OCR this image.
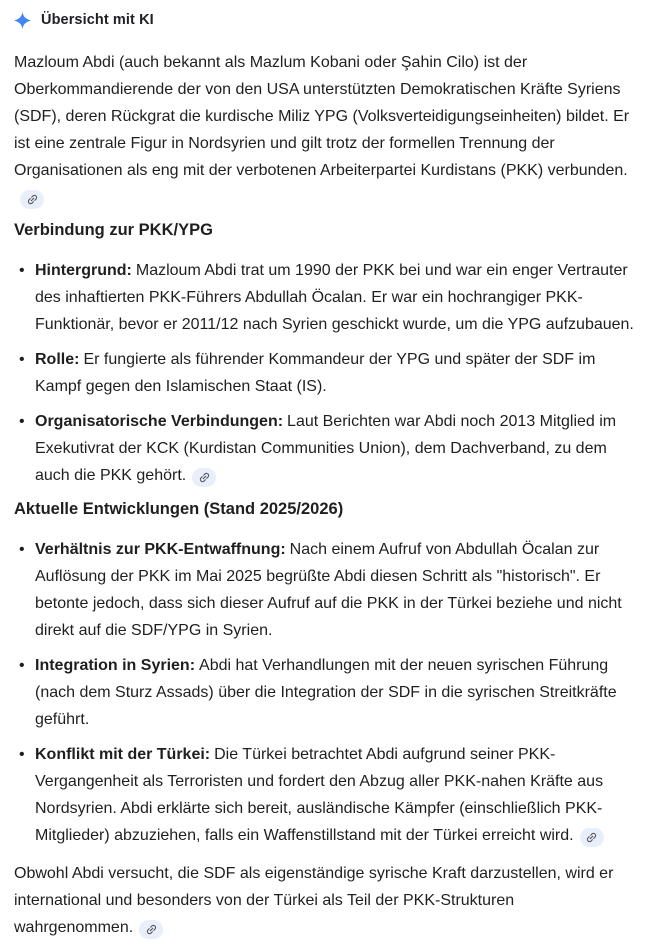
Übersicht mit KI

Mazloum Abdi (auch bekannt als Mazlum Kobani oder Şahin Cilo) ist der Oberkommandierende der von den USA unterstützten Demokratischen Kräfte Syriens (SDF), deren Rückgrat die kurdische Miliz YPG (Volksverteidigungseinheiten) bildet. Er ist eine zentrale Figur in Nordsyrien und gilt trotz der formellen Trennung der Organisationen als eng mit der verbotenen Arbeiterpartei Kurdistans (PKK) verbunden.

Verbindung zur PKK/YPG
• Hintergrund: Mazloum Abdi trat um 1990 der PKK bei und war ein enger Vertrauter des inhaftierten PKK-Führers Abdullah Öcalan. Er war ein hochrangiger PKK-Funktionär, bevor er 2011/12 nach Syrien geschickt wurde, um die YPG aufzubauen.
• Rolle: Er fungierte als führender Kommandeur der YPG und später der SDF im Kampf gegen den Islamischen Staat (IS).
• Organisatorische Verbindungen: Laut Berichten war Abdi noch 2013 Mitglied im Exekutivrat der KCK (Kurdistan Communities Union), dem Dachverband, zu dem auch die PKK gehört.
Aktuelle Entwicklungen (Stand 2025/2026)
• Verhältnis zur PKK-Entwaffnung: Nach einem Aufruf von Abdullah Öcalan zur Auflösung der PKK im Mai 2025 begrüßte Abdi diesen Schritt als "historisch". Er betonte jedoch, dass sich dieser Aufruf auf die PKK in der Türkei beziehe und nicht direkt auf die SDF/YPG in Syrien.
• Integration in Syrien: Abdi hat Verhandlungen mit der neuen syrischen Führung (nach dem Sturz Assads) über die Integration der SDF in die syrischen Streitkräfte geführt.
• Konflikt mit der Türkei: Die Türkei betrachtet Abdi aufgrund seiner PKK-Vergangenheit als Terroristen und fordert den Abzug aller PKK-nahen Kräfte aus Nordsyrien. Abdi erklärte sich bereit, ausländische Kämpfer (einschließlich PKK-Mitglieder) abzuziehen, falls ein Waffenstillstand mit der Türkei erreicht wird.

Obwohl Abdi versucht, die SDF als eigenständige syrische Kraft darzustellen, wird er international und besonders von der Türkei als Teil der PKK-Strukturen wahrgenommen.
